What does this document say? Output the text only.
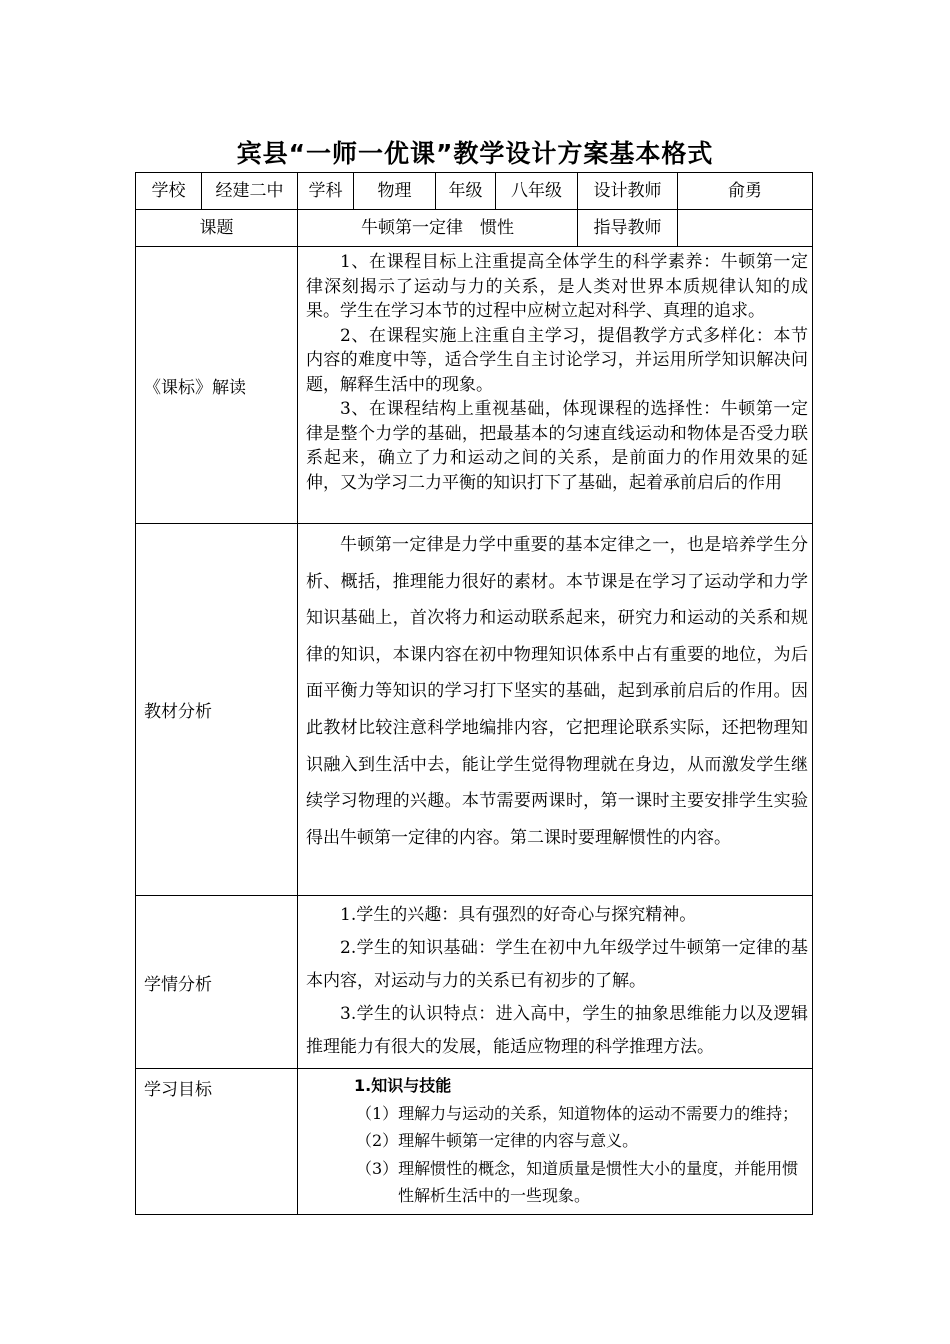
宾县“一师一优课”教学设计方案基本格式
学校	经建二中	学科	物理	年级	八年级	设计教师	俞勇
课题		牛顿第一定律　惯性				指导教师	
《课标》解读		1、在课程目标上注重提高全体学生的科学素养：牛顿第一定律深刻揭示了运动与力的关系，是人类对世界本质规律认知的成果。学生在学习本节的过程中应树立起对科学、真理的追求。

2、在课程实施上注重自主学习，提倡教学方式多样化：本节内容的难度中等，适合学生自主讨论学习，并运用所学知识解决问题，解释生活中的现象。

3、在课程结构上重视基础，体现课程的选择性：牛顿第一定律是整个力学的基础，把最基本的匀速直线运动和物体是否受力联系起来，确立了力和运动之间的关系，是前面力的作用效果的延伸，又为学习二力平衡的知识打下了基础，起着承前启后的作用					

教材分析		牛顿第一定律是力学中重要的基本定律之一，也是培养学生分析、概括，推理能力很好的素材。本节课是在学习了运动学和力学知识基础上，首次将力和运动联系起来，研究力和运动的关系和规律的知识，本课内容在初中物理知识体系中占有重要的地位，为后面平衡力等知识的学习打下坚实的基础，起到承前启后的作用。因此教材比较注意科学地编排内容，它把理论联系实际，还把物理知识融入到生活中去，能让学生觉得物理就在身边，从而激发学生继续学习物理的兴趣。本节需要两课时，第一课时主要安排学生实验得出牛顿第一定律的内容。第二课时要理解惯性的内容。					

学情分析		1.学生的兴趣：具有强烈的好奇心与探究精神。

2.学生的知识基础：学生在初中九年级学过牛顿第一定律的基本内容，对运动与力的关系已有初步的了解。

3.学生的认识特点：进入高中，学生的抽象思维能力以及逻辑推理能力有很大的发展，能适应物理的科学推理方法。					

学习目标		1.知识与技能

（1）理解力与运动的关系，知道物体的运动不需要力的维持；

（2）理解牛顿第一定律的内容与意义。

（3）理解惯性的概念，知道质量是惯性大小的量度，并能用惯性解析生活中的一些现象。					
